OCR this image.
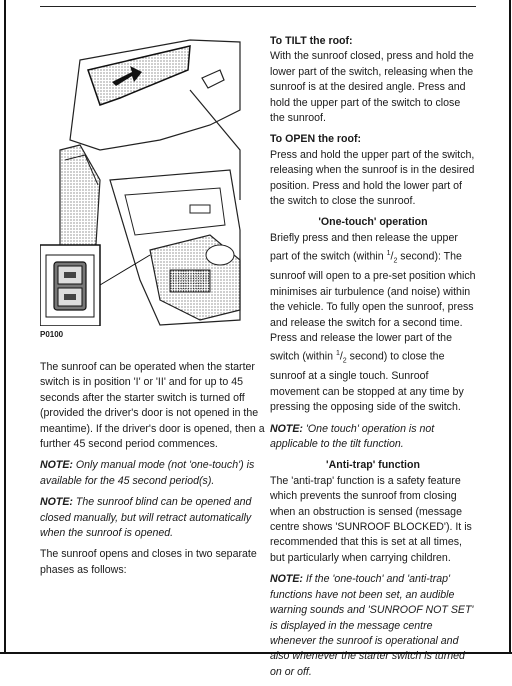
P0100

The sunroof can be operated when the starter switch is in position 'I' or 'II' and for up to 45 seconds after the starter switch is turned off (provided the driver's door is not opened in the meantime). If the driver's door is opened, then a further 45 second period commences.

NOTE: Only manual mode (not 'one-touch') is available for the 45 second period(s).

NOTE: The sunroof blind can be opened and closed manually, but will retract automatically when the sunroof is opened.

The sunroof opens and closes in two separate phases as follows:

To TILT the roof:

With the sunroof closed, press and hold the lower part of the switch, releasing when the sunroof is at the desired angle. Press and hold the upper part of the switch to close the sunroof.

To OPEN the roof:

Press and hold the upper part of the switch, releasing when the sunroof is in the desired position. Press and hold the lower part of the switch to close the sunroof.

'One-touch' operation

Briefly press and then release the upper part of the switch (within $^1/_2$ second): The sunroof will open to a pre-set position which minimises air turbulence (and noise) within the vehicle. To fully open the sunroof, press and release the switch for a second time. Press and release the lower part of the switch (within $^1/_2$ second) to close the sunroof at a single touch. Sunroof movement can be stopped at any time by pressing the opposing side of the switch.

NOTE: 'One touch' operation is not applicable to the tilt function.

'Anti-trap' function

The 'anti-trap' function is a safety feature which prevents the sunroof from closing when an obstruction is sensed (message centre shows 'SUNROOF BLOCKED'). It is recommended that this is set at all times, but particularly when carrying children.

NOTE: If the 'one-touch' and 'anti-trap' functions have not been set, an audible warning sounds and 'SUNROOF NOT SET' is displayed in the message centre whenever the sunroof is operational and also whenever the starter switch is turned on or off.
